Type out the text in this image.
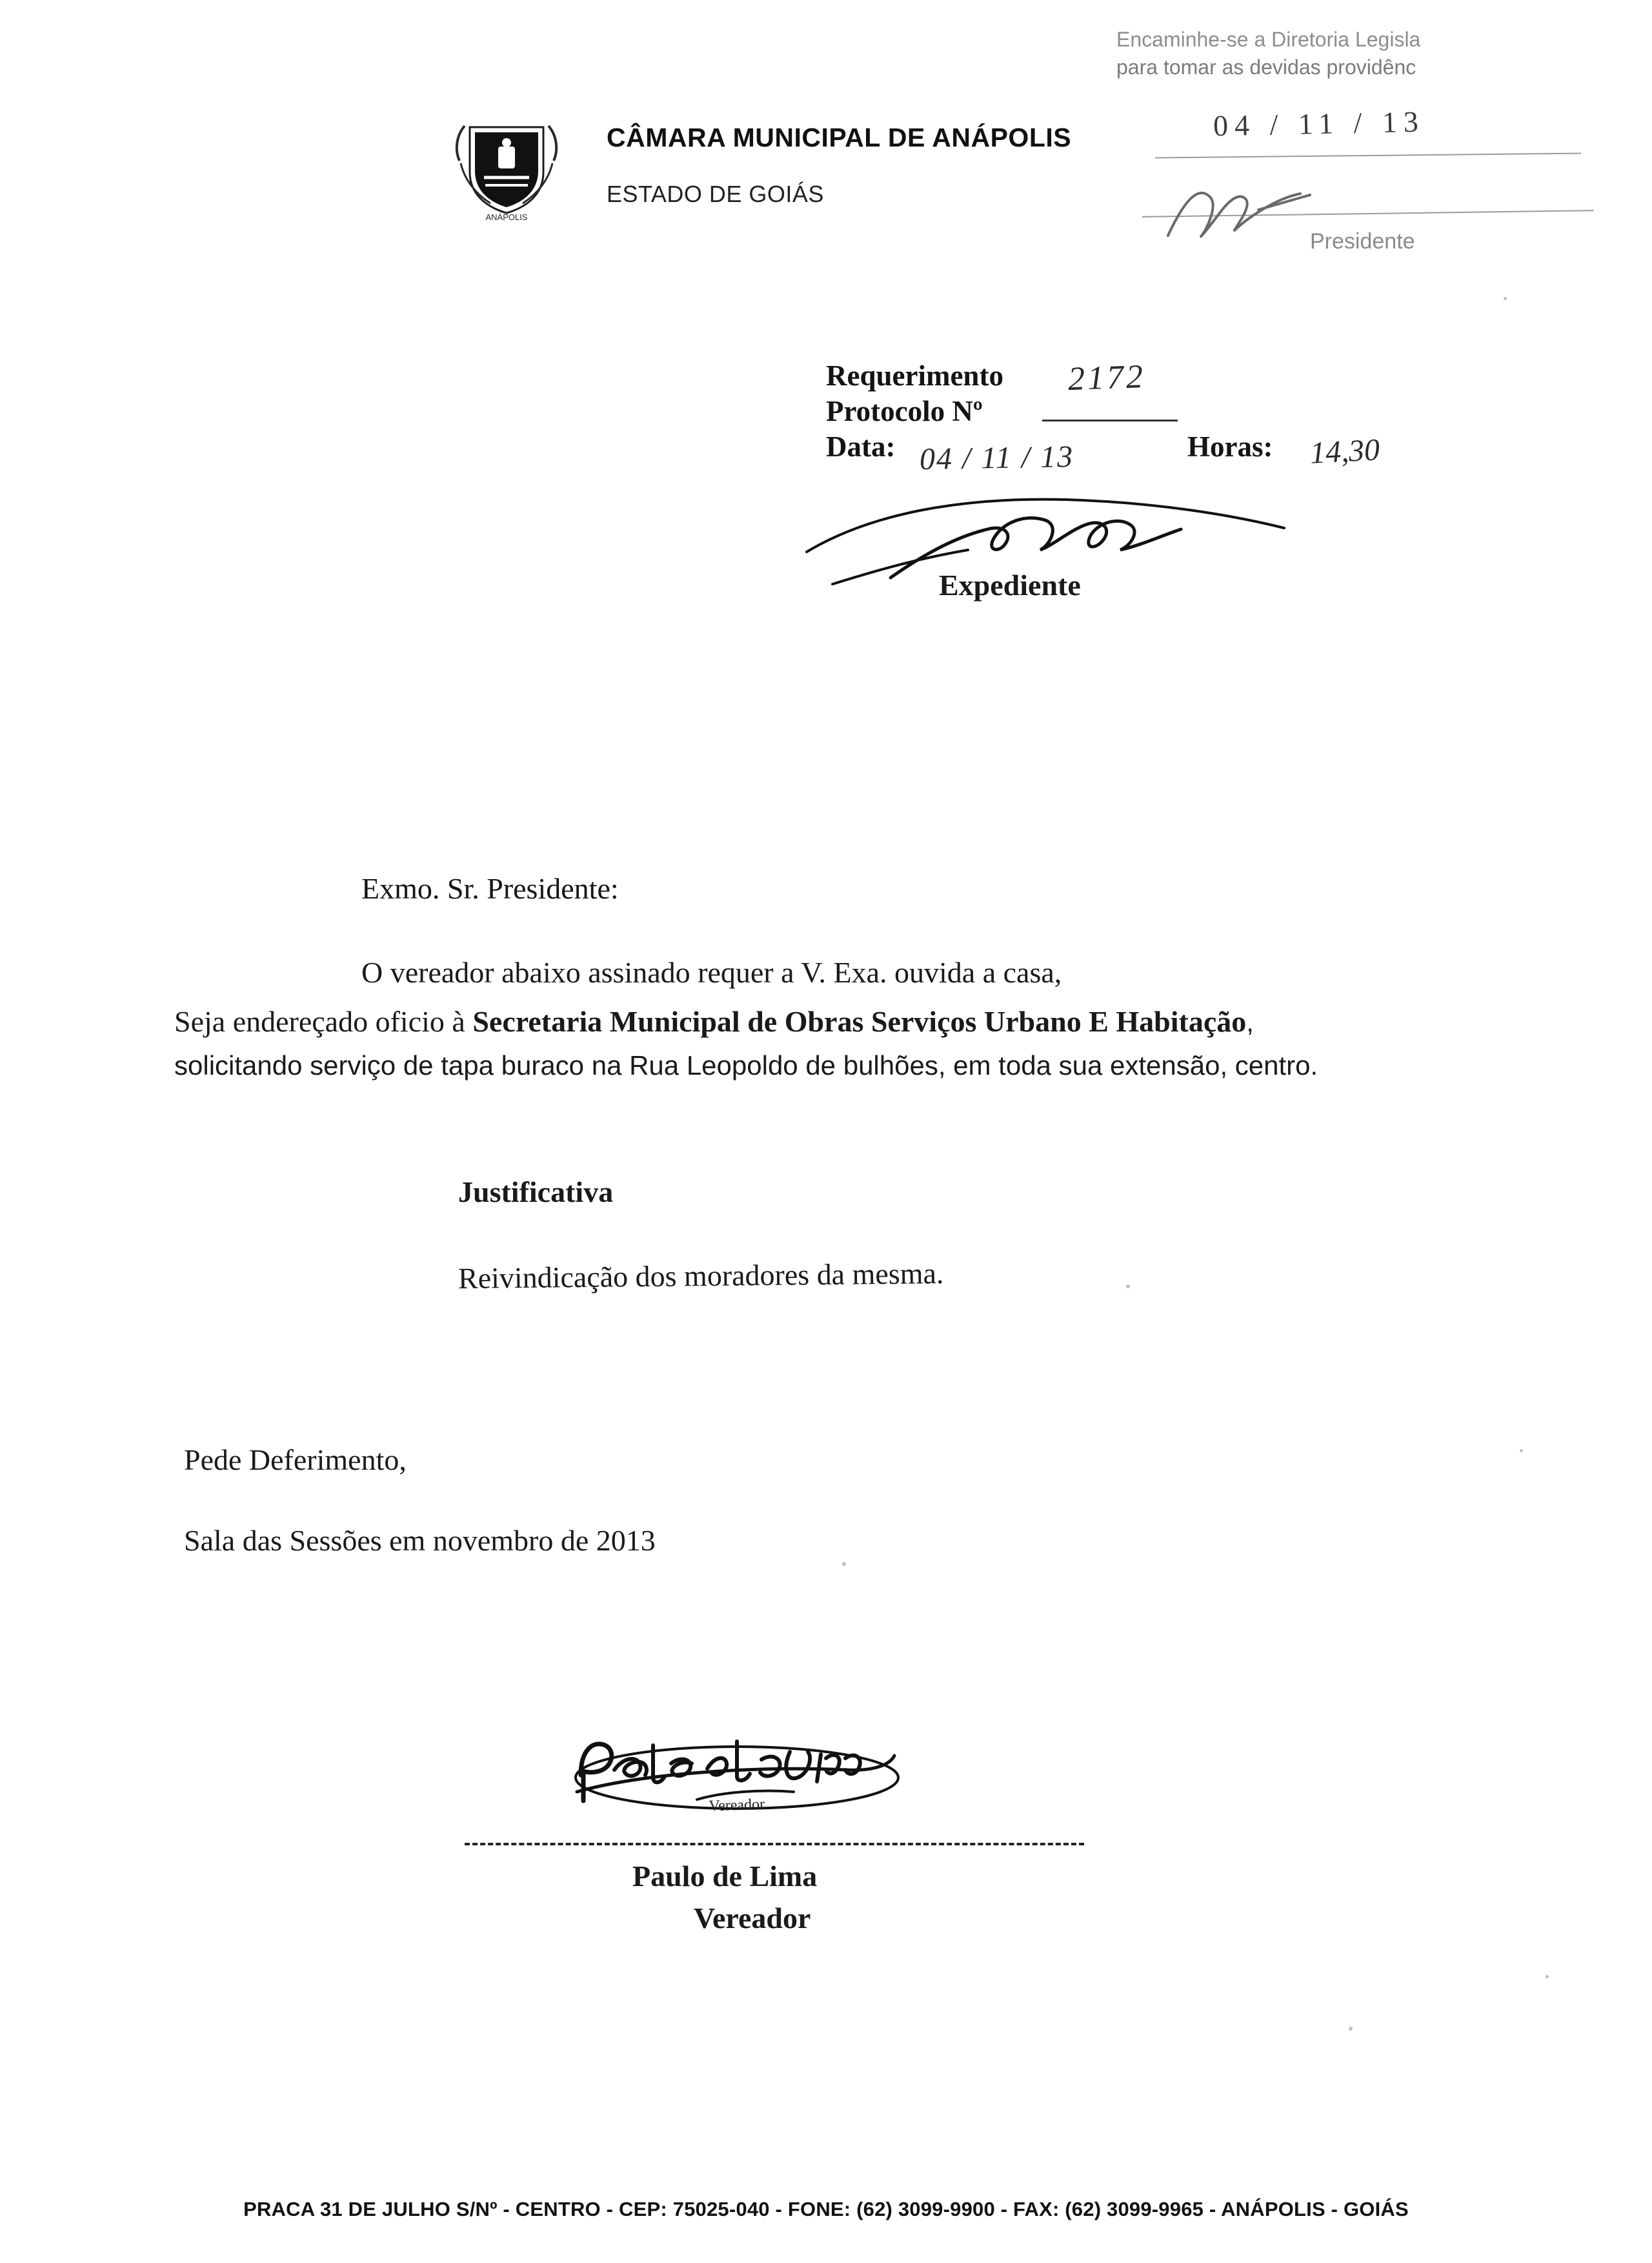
Encaminhe-se a Diretoria Legisla
para tomar as devidas providênc
04 / 11 / 13
Presidente
ANÁPOLIS
CÂMARA MUNICIPAL DE ANÁPOLIS
ESTADO DE GOIÁS
Requerimento
Protocolo Nº
Data:	Horas:
2172
04 / 11 / 13	14,30
Expediente
Exmo. Sr. Presidente:
O vereador abaixo assinado requer a V. Exa. ouvida a casa,
Seja endereçado oficio à Secretaria Municipal de Obras Serviços Urbano E Habitação, solicitando serviço de tapa buraco na Rua Leopoldo de bulhões, em toda sua extensão, centro.
Justificativa
Reivindicação dos moradores da mesma.
Pede Deferimento,
Sala das Sessões em novembro de 2013
Vereador
Paulo de Lima
Vereador
PRACA 31 DE JULHO S/Nº - CENTRO - CEP: 75025-040 - FONE: (62) 3099-9900 - FAX: (62) 3099-9965 - ANÁPOLIS - GOIÁS
